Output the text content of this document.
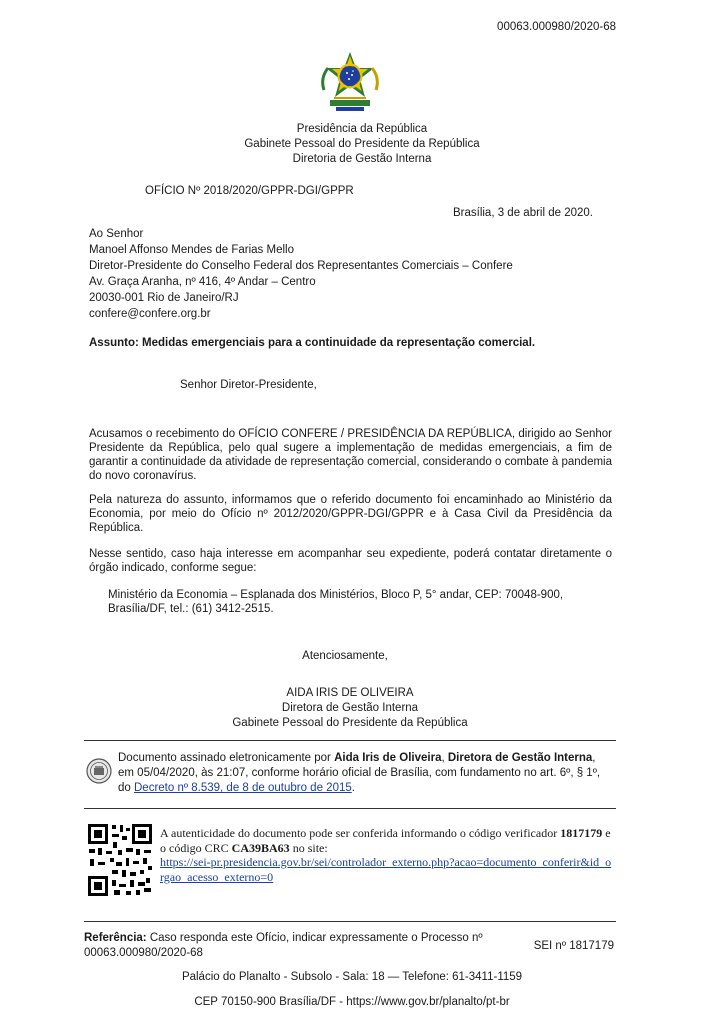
00063.000980/2020-68
Presidência da República
Gabinete Pessoal do Presidente da República
Diretoria de Gestão Interna
OFÍCIO Nº 2018/2020/GPPR-DGI/GPPR
Brasília, 3 de abril de 2020.
Ao Senhor
Manoel Affonso Mendes de Farias Mello
Diretor-Presidente do Conselho Federal dos Representantes Comerciais – Confere
Av. Graça Aranha, nº 416, 4º Andar – Centro
20030-001 Rio de Janeiro/RJ
confere@confere.org.br
Assunto: Medidas emergenciais para a continuidade da representação comercial.
Senhor Diretor-Presidente,
Acusamos o recebimento do OFÍCIO CONFERE / PRESIDÊNCIA DA REPÚBLICA, dirigido ao Senhor Presidente da República, pelo qual sugere a implementação de medidas emergenciais, a fim de garantir a continuidade da atividade de representação comercial, considerando o combate à pandemia do novo coronavírus.
Pela natureza do assunto, informamos que o referido documento foi encaminhado ao Ministério da Economia, por meio do Ofício nº 2012/2020/GPPR-DGI/GPPR e à Casa Civil da Presidência da República.
Nesse sentido, caso haja interesse em acompanhar seu expediente, poderá contatar diretamente o órgão indicado, conforme segue:
Ministério da Economia – Esplanada dos Ministérios, Bloco P, 5° andar, CEP: 70048-900, Brasília/DF, tel.: (61) 3412-2515.
Atenciosamente,
AIDA IRIS DE OLIVEIRA
Diretora de Gestão Interna
Gabinete Pessoal do Presidente da República
Documento assinado eletronicamente por Aida Iris de Oliveira, Diretora de Gestão Interna, em 05/04/2020, às 21:07, conforme horário oficial de Brasília, com fundamento no art. 6º, § 1º, do Decreto nº 8.539, de 8 de outubro de 2015.
A autenticidade do documento pode ser conferida informando o código verificador 1817179 e o código CRC CA39BA63 no site:
https://sei-pr.presidencia.gov.br/sei/controlador_externo.php?acao=documento_conferir&id_orgao_acesso_externo=0
Referência: Caso responda este Ofício, indicar expressamente o Processo nº 00063.000980/2020-68
SEI nº 1817179
Palácio do Planalto - Subsolo - Sala: 18 — Telefone: 61-3411-1159
CEP 70150-900 Brasília/DF - https://www.gov.br/planalto/pt-br
